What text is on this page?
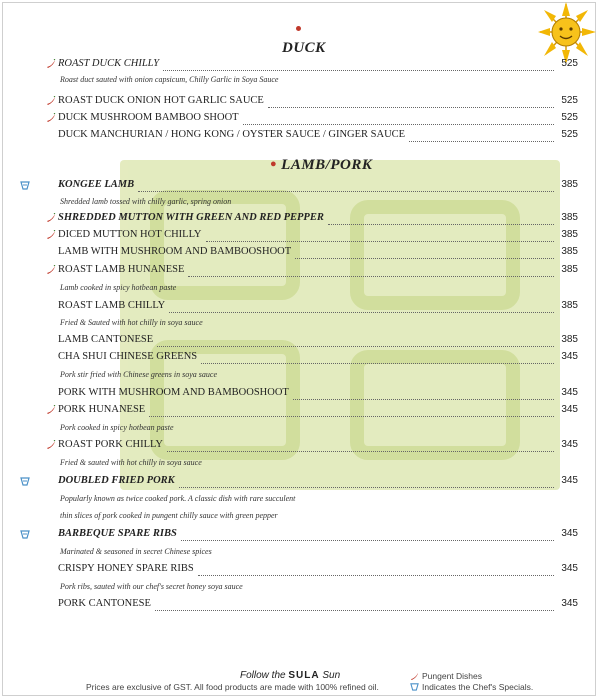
DUCK
ROAST DUCK CHILLY	525
Roast duct sauted with onion capsicum, Chilly Garlic in Soya Sauce
ROAST DUCK ONION HOT GARLIC SAUCE	525
DUCK MUSHROOM BAMBOO SHOOT	525
DUCK MANCHURIAN / HONG KONG / OYSTER SAUCE / GINGER SAUCE	525
● LAMB/PORK
KONGEE LAMB	385
Shredded lamb tossed with chilly garlic, spring onion
SHREDDED MUTTON WITH GREEN AND RED PEPPER	385
DICED MUTTON HOT CHILLY	385
LAMB WITH MUSHROOM AND BAMBOOSHOOT	385
ROAST LAMB HUNANESE	385
Lamb cooked in spicy hotbean paste
ROAST LAMB CHILLY	385
Fried & Sauted with hot chilly in soya sauce
LAMB CANTONESE	385
CHA SHUI CHINESE GREENS	345
Pork stir fried with Chinese greens in soya sauce
PORK WITH MUSHROOM AND BAMBOOSHOOT	345
PORK HUNANESE	345
Pork cooked in spicy hotbean paste
ROAST PORK CHILLY	345
Fried & sauted with hot chilly in soya sauce
DOUBLED FRIED PORK	345
Popularly known as twice cooked pork. A classic dish with rare succulent
thin slices of pork cooked in pungent chilly sauce with green pepper
BARBEQUE SPARE RIBS	345
Marinated & seasoned in secret Chinese spices
CRISPY HONEY SPARE RIBS	345
Pork ribs, sauted with our chef's secret honey soya sauce
PORK CANTONESE	345
Follow the SULA Sun
Prices are exclusive of GST. All food products are made with 100% refined oil.
Pungent Dishes
Indicates the Chef's Specials.
